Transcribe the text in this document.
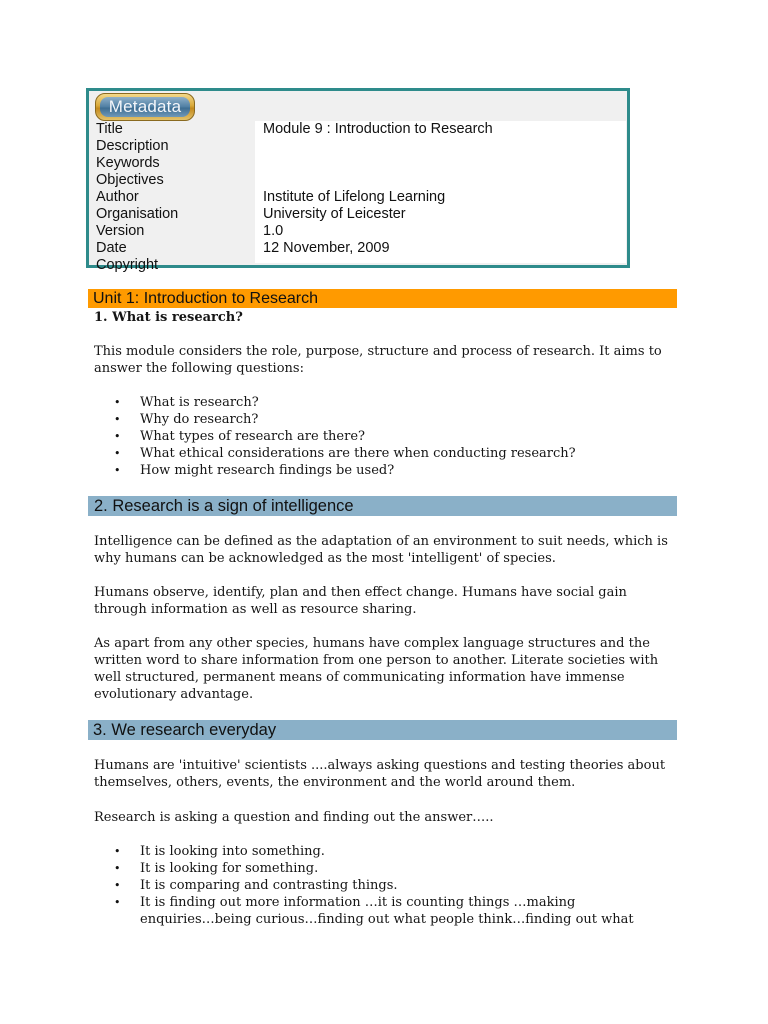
Metadata
Title	Module 9 : Introduction to Research
Description
Keywords
Objectives
Author	Institute of Lifelong Learning
Organisation	University of Leicester
Version	1.0
Date	12 November, 2009
Copyright
Unit 1: Introduction to Research
1. What is research?
This module considers the role, purpose, structure and process of research. It aims to
answer the following questions:
• What is research?
• Why do research?
• What types of research are there?
• What ethical considerations are there when conducting research?
• How might research findings be used?
2. Research is a sign of intelligence
Intelligence can be defined as the adaptation of an environment to suit needs, which is
why humans can be acknowledged as the most 'intelligent' of species.
Humans observe, identify, plan and then effect change. Humans have social gain
through information as well as resource sharing.
As apart from any other species, humans have complex language structures and the
written word to share information from one person to another. Literate societies with
well structured, permanent means of communicating information have immense
evolutionary advantage.
3. We research everyday
Humans are 'intuitive' scientists ....always asking questions and testing theories about
themselves, others, events, the environment and the world around them.
Research is asking a question and finding out the answer…..
• It is looking into something.
• It is looking for something.
• It is comparing and contrasting things.
• It is finding out more information …it is counting things …making
enquiries…being curious…finding out what people think…finding out what
